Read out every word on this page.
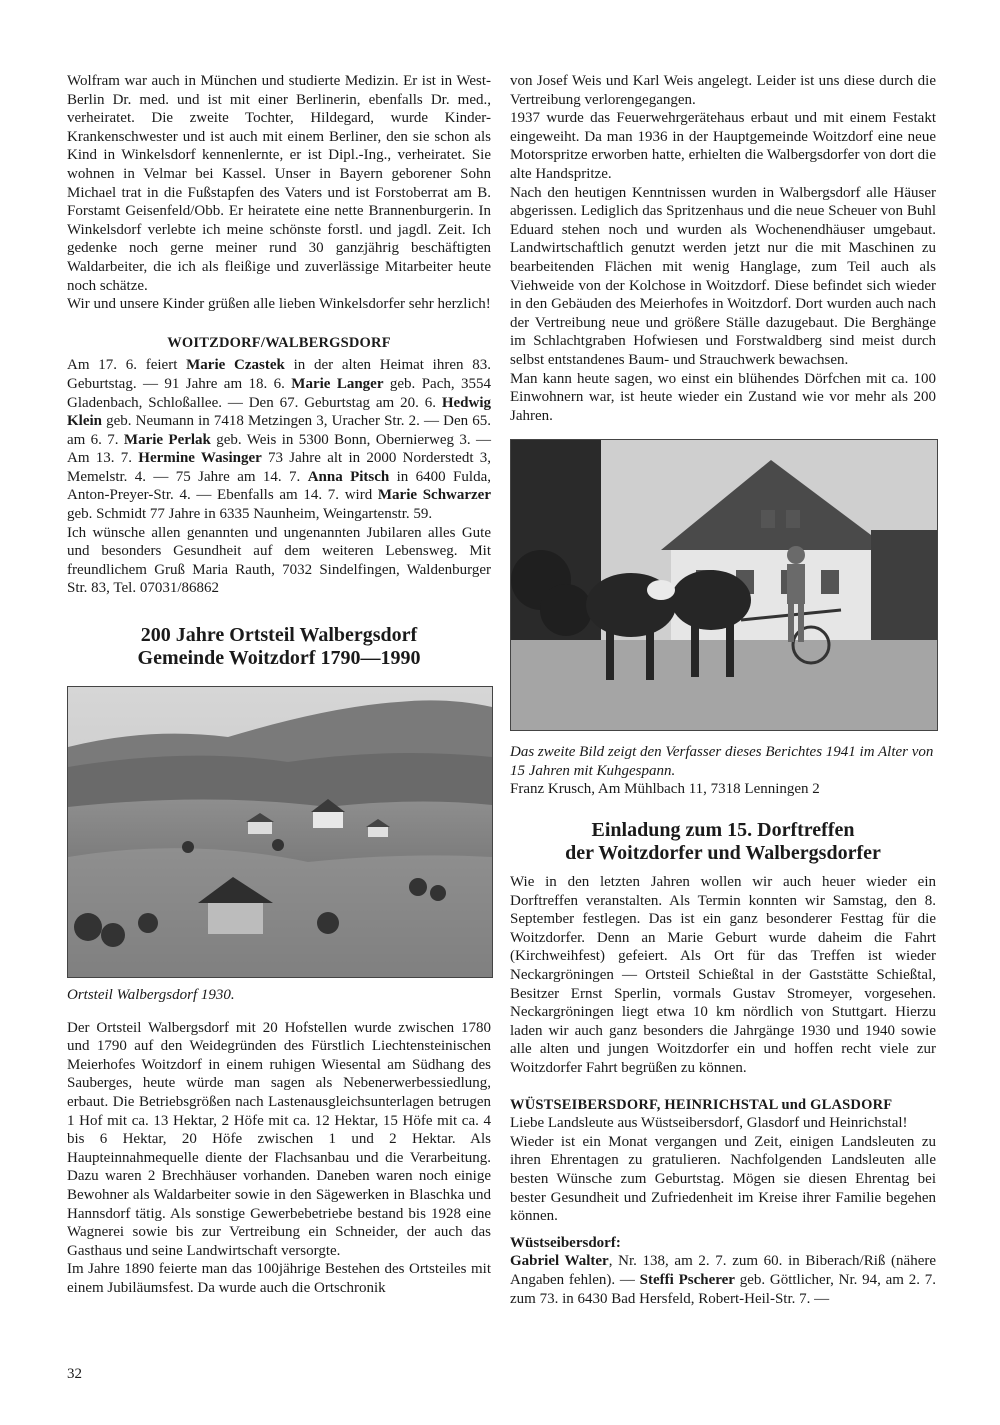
Wolfram war auch in München und studierte Medizin. Er ist in West-Berlin Dr. med. und ist mit einer Berlinerin, ebenfalls Dr. med., verheiratet. Die zweite Tochter, Hildegard, wurde Kinder-Krankenschwester und ist auch mit einem Berliner, den sie schon als Kind in Winkelsdorf kennenlernte, er ist Dipl.-Ing., verheiratet. Sie wohnen in Velmar bei Kassel. Unser in Bayern geborener Sohn Michael trat in die Fußstapfen des Vaters und ist Forstoberrat am B. Forstamt Geisenfeld/Obb. Er heiratete eine nette Brannenburgerin. In Winkelsdorf verlebte ich meine schönste forstl. und jagdl. Zeit. Ich gedenke noch gerne meiner rund 30 ganzjährig beschäftigten Waldarbeiter, die ich als fleißige und zuverlässige Mitarbeiter heute noch schätze.

Wir und unsere Kinder grüßen alle lieben Winkelsdorfer sehr herzlich!

WOITZDORF/WALBERGSDORF

Am 17. 6. feiert Marie Czastek in der alten Heimat ihren 83. Geburtstag. — 91 Jahre am 18. 6. Marie Langer geb. Pach, 3554 Gladenbach, Schloßallee. — Den 67. Geburtstag am 20. 6. Hedwig Klein geb. Neumann in 7418 Metzingen 3, Uracher Str. 2. — Den 65. am 6. 7. Marie Perlak geb. Weis in 5300 Bonn, Obernierweg 3. — Am 13. 7. Hermine Wasinger 73 Jahre alt in 2000 Norderstedt 3, Memelstr. 4. — 75 Jahre am 14. 7. Anna Pitsch in 6400 Fulda, Anton-Preyer-Str. 4. — Ebenfalls am 14. 7. wird Marie Schwarzer geb. Schmidt 77 Jahre in 6335 Naunheim, Weingartenstr. 59.

Ich wünsche allen genannten und ungenannten Jubilaren alles Gute und besonders Gesundheit auf dem weiteren Lebensweg. Mit freundlichem Gruß Maria Rauth, 7032 Sindelfingen, Waldenburger Str. 83, Tel. 07031/86862

200 Jahre Ortsteil Walbergsdorf
Gemeinde Woitzdorf 1790—1990
Ortsteil Walbergsdorf 1930.

Der Ortsteil Walbergsdorf mit 20 Hofstellen wurde zwischen 1780 und 1790 auf den Weidegründen des Fürstlich Liechtensteinischen Meierhofes Woitzdorf in einem ruhigen Wiesental am Südhang des Sauberges, heute würde man sagen als Nebenerwerbessiedlung, erbaut. Die Betriebsgrößen nach Lastenausgleichsunterlagen betrugen 1 Hof mit ca. 13 Hektar, 2 Höfe mit ca. 12 Hektar, 15 Höfe mit ca. 4 bis 6 Hektar, 20 Höfe zwischen 1 und 2 Hektar. Als Haupteinnahmequelle diente der Flachsanbau und die Verarbeitung. Dazu waren 2 Brechhäuser vorhanden. Daneben waren noch einige Bewohner als Waldarbeiter sowie in den Sägewerken in Blaschka und Hannsdorf tätig. Als sonstige Gewerbebetriebe bestand bis 1928 eine Wagnerei sowie bis zur Vertreibung ein Schneider, der auch das Gasthaus und seine Landwirtschaft versorgte.

Im Jahre 1890 feierte man das 100jährige Bestehen des Ortsteiles mit einem Jubiläumsfest. Da wurde auch die Ortschronik

von Josef Weis und Karl Weis angelegt. Leider ist uns diese durch die Vertreibung verlorengegangen.

1937 wurde das Feuerwehrgerätehaus erbaut und mit einem Festakt eingeweiht. Da man 1936 in der Hauptgemeinde Woitzdorf eine neue Motorspritze erworben hatte, erhielten die Walbergsdorfer von dort die alte Handspritze.

Nach den heutigen Kenntnissen wurden in Walbergsdorf alle Häuser abgerissen. Lediglich das Spritzenhaus und die neue Scheuer von Buhl Eduard stehen noch und wurden als Wochenendhäuser umgebaut. Landwirtschaftlich genutzt werden jetzt nur die mit Maschinen zu bearbeitenden Flächen mit wenig Hanglage, zum Teil auch als Viehweide von der Kolchose in Woitzdorf. Diese befindet sich wieder in den Gebäuden des Meierhofes in Woitzdorf. Dort wurden auch nach der Vertreibung neue und größere Ställe dazugebaut. Die Berghänge im Schlachtgraben Hofwiesen und Forstwaldberg sind meist durch selbst entstandenes Baum- und Strauchwerk bewachsen.

Man kann heute sagen, wo einst ein blühendes Dörfchen mit ca. 100 Einwohnern war, ist heute wieder ein Zustand wie vor mehr als 200 Jahren.

Das zweite Bild zeigt den Verfasser dieses Berichtes 1941 im Alter von 15 Jahren mit Kuhgespann.

Franz Krusch, Am Mühlbach 11, 7318 Lenningen 2

Einladung zum 15. Dorftreffen
der Woitzdorfer und Walbergsdorfer

Wie in den letzten Jahren wollen wir auch heuer wieder ein Dorftreffen veranstalten. Als Termin konnten wir Samstag, den 8. September festlegen. Das ist ein ganz besonderer Festtag für die Woitzdorfer. Denn an Marie Geburt wurde daheim die Fahrt (Kirchweihfest) gefeiert. Als Ort für das Treffen ist wieder Neckargröningen — Ortsteil Schießtal in der Gaststätte Schießtal, Besitzer Ernst Sperlin, vormals Gustav Stromeyer, vorgesehen. Neckargröningen liegt etwa 10 km nördlich von Stuttgart. Hierzu laden wir auch ganz besonders die Jahrgänge 1930 und 1940 sowie alle alten und jungen Woitzdorfer ein und hoffen recht viele zur Woitzdorfer Fahrt begrüßen zu können.

WÜSTSEIBERSDORF, HEINRICHSTAL und GLASDORF

Liebe Landsleute aus Wüstseibersdorf, Glasdorf und Heinrichstal!

Wieder ist ein Monat vergangen und Zeit, einigen Landsleuten zu ihren Ehrentagen zu gratulieren. Nachfolgenden Landsleuten alle besten Wünsche zum Geburtstag. Mögen sie diesen Ehrentag bei bester Gesundheit und Zufriedenheit im Kreise ihrer Familie begehen können.

Wüstseibersdorf:

Gabriel Walter, Nr. 138, am 2. 7. zum 60. in Biberach/Riß (nähere Angaben fehlen). — Steffi Pscherer geb. Göttlicher, Nr. 94, am 2. 7. zum 73. in 6430 Bad Hersfeld, Robert-Heil-Str. 7. —

32
